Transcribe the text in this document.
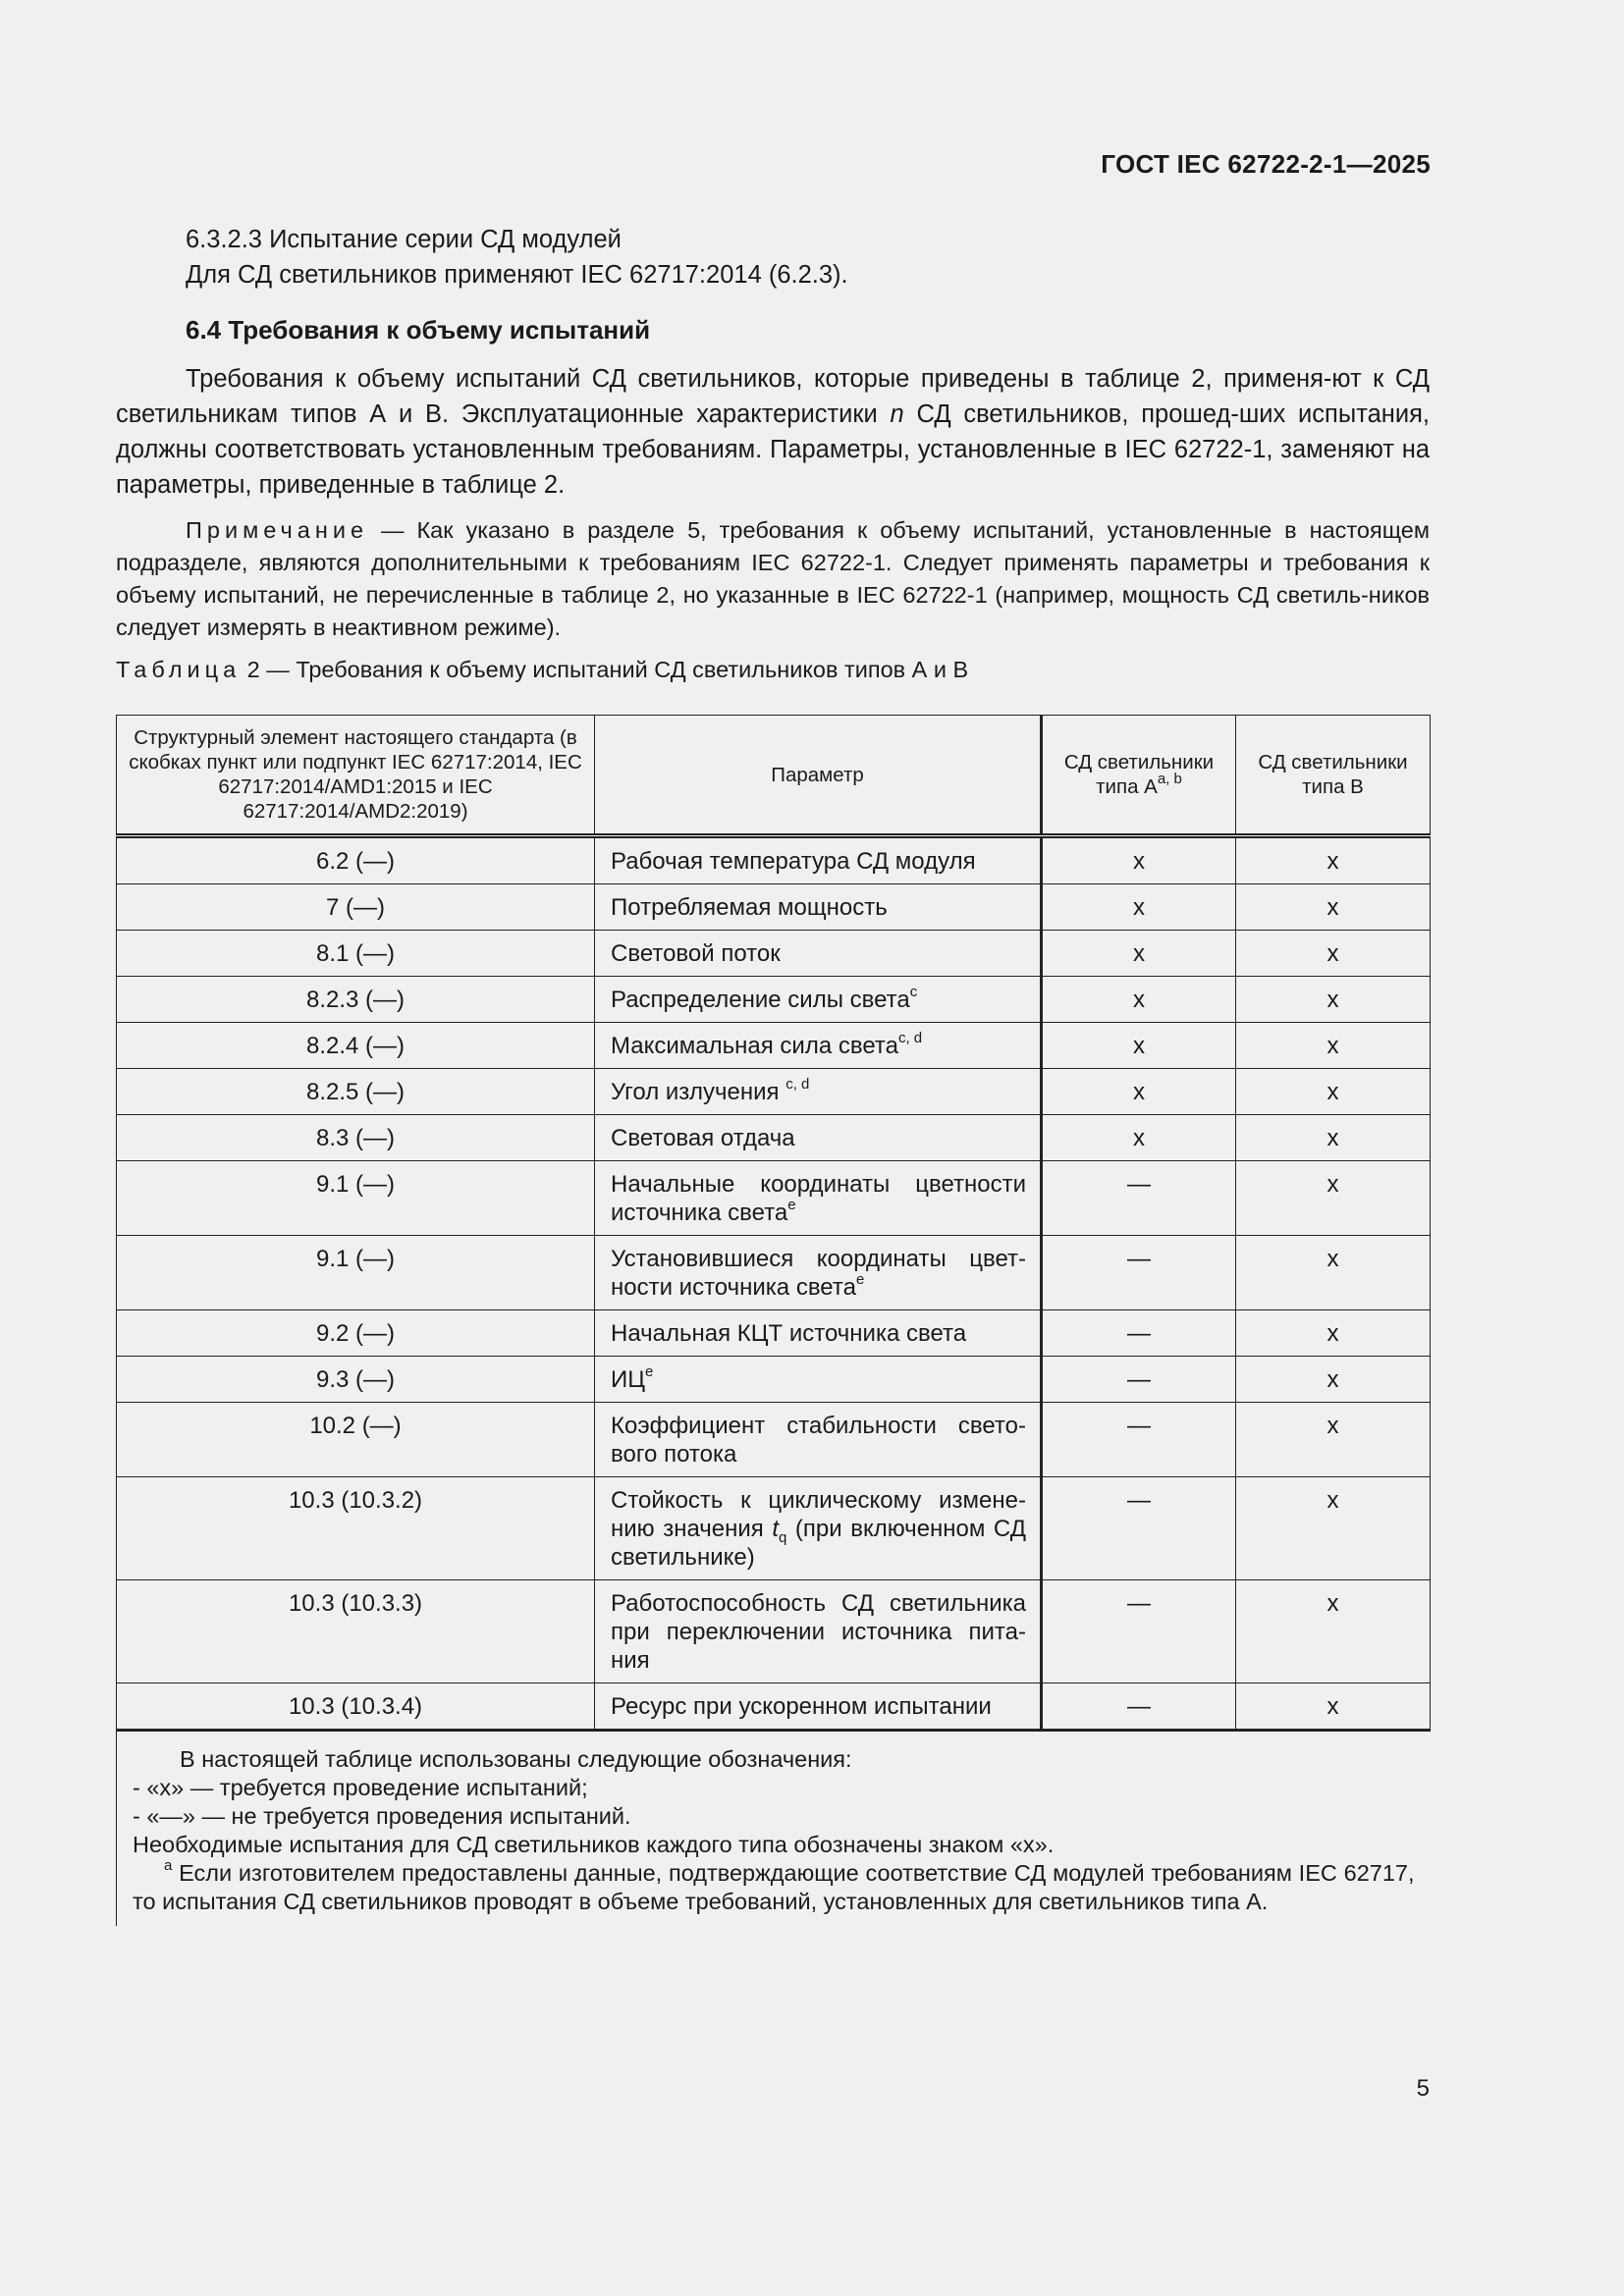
ГОСТ IEC 62722-2-1—2025
6.3.2.3 Испытание серии СД модулей
Для СД светильников применяют IEC 62717:2014 (6.2.3).
6.4 Требования к объему испытаний
Требования к объему испытаний СД светильников, которые приведены в таблице 2, применя-ют к СД светильникам типов А и В. Эксплуатационные характеристики n СД светильников, прошед-ших испытания, должны соответствовать установленным требованиям. Параметры, установленные в IEC 62722-1, заменяют на параметры, приведенные в таблице 2.
Примечание — Как указано в разделе 5, требования к объему испытаний, установленные в настоящем подразделе, являются дополнительными к требованиям IEC 62722-1. Следует применять параметры и требования к объему испытаний, не перечисленные в таблице 2, но указанные в IEC 62722-1 (например, мощность СД светиль-ников следует измерять в неактивном режиме).
Таблица 2 — Требования к объему испытаний СД светильников типов А и В
Структурный элемент настоящего стандарта (в скобках пункт или подпункт IEC 62717:2014, IEC 62717:2014/AMD1:2015 и IEC 62717:2014/AMD2:2019)	Параметр	СД светильники типа А$^{a, b}$	СД светильники типа В
6.2 (—)	Рабочая температура СД модуля	x	x
7 (—)	Потребляемая мощность	x	x
8.1 (—)	Световой поток	x	x
8.2.3 (—)	Распределение силы света$^c$	x	x
8.2.4 (—)	Максимальная сила света$^{c, d}$	x	x
8.2.5 (—)	Угол излучения $^{c, d}$	x	x
8.3 (—)	Световая отдача	x	x
9.1 (—)	Начальные координаты цветности источника света$^e$	—	x
9.1 (—)	Установившиеся координаты цвет-ности источника света$^e$	—	x
9.2 (—)	Начальная КЦТ источника света	—	x
9.3 (—)	$ИЦ^e$	—	x
10.2 (—)	Коэффициент стабильности свето-вого потока	—	x
10.3 (10.3.2)	Стойкость к циклическому измене-нию значения $t_q$ (при включенном СД светильнике)	—	x
10.3 (10.3.3)	Работоспособность СД светильника при переключении источника пита-ния	—	x
10.3 (10.3.4)	Ресурс при ускоренном испытании	—	x

В настоящей таблице использованы следующие обозначения:
- «х» — требуется проведение испытаний;
- «—» — не требуется проведения испытаний.
Необходимые испытания для СД светильников каждого типа обозначены знаком «х».
$^a$ Если изготовителем предоставлены данные, подтверждающие соответствие СД модулей требованиям IEC 62717, то испытания СД светильников проводят в объеме требований, установленных для светильников типа А.			
5
